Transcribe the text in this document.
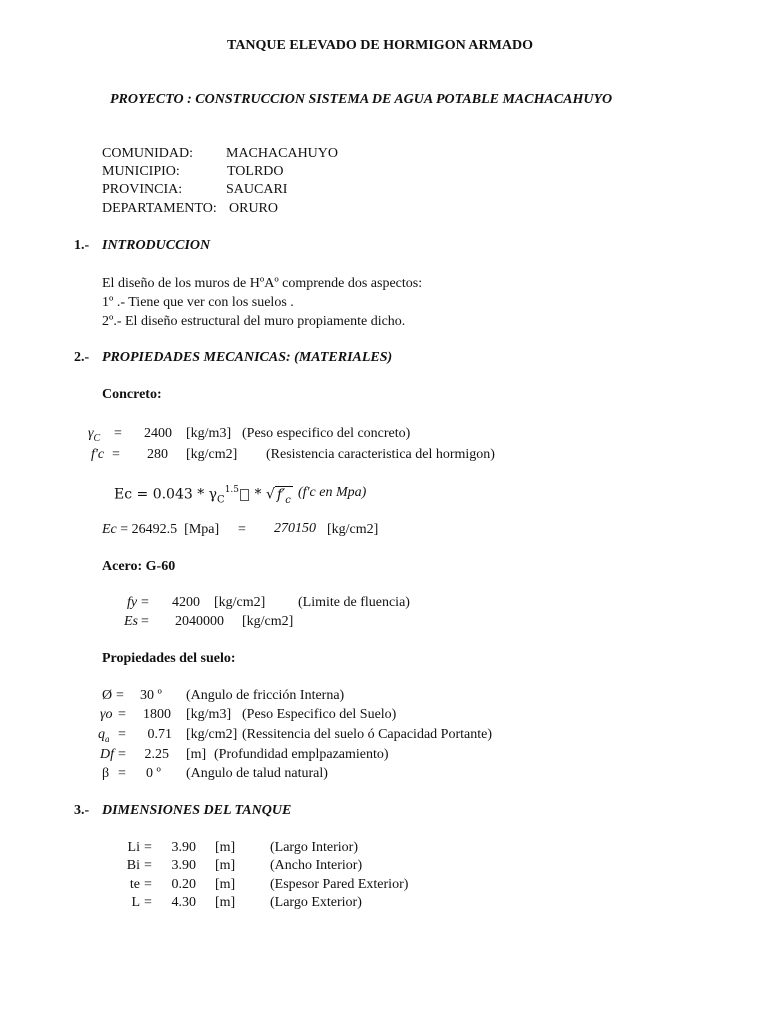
TANQUE ELEVADO DE HORMIGON ARMADO
PROYECTO : CONSTRUCCION SISTEMA DE AGUA POTABLE MACHACAHUYO
COMUNIDAD: MACHACAHUYO
MUNICIPIO:	TOLRDO
PROVINCIA:	SAUCARI
DEPARTAMENTO: ORURO
1.- INTRODUCCION
El diseño de los muros de HºAº comprende dos aspectos:
1º .- Tiene que ver con los suelos .
2º.- El diseño estructural del muro propiamente dicho.
2.- PROPIEDADES MECANICAS: (MATERIALES)
Concreto:
$\gamma_C$ =	2400 [kg/m3] (Peso especifico del concreto)
f'c =	280 [kg/cm2] (Resistencia caracteristica del hormigon)
$Ec = 0.043 * \gamma_C^{1.5}$ * √ $f'_c$ (f'c en Mpa)
Ec = 26492.5 [Mpa] = 270150 [kg/cm2]
Acero: G-60
fy =	4200 [kg/cm2] (Limite de fluencia)
Es =	2040000 [kg/cm2]
Propiedades del suelo:
Ø = 30 º (Angulo de fricción Interna)
γo =	1800 [kg/m3] (Peso Especifico del Suelo)
$q_a$ =	0.71 [kg/cm2] (Ressitencia del suelo ó Capacidad Portante)
Df =	2.25 [m] (Profundidad emplpazamiento)
β = 0 º (Angulo de talud natural)
3.- DIMENSIONES DEL TANQUE
Li =	3.90 [m] (Largo Interior)
Bi =	3.90 [m] (Ancho Interior)
te =	0.20 [m] (Espesor Pared Exterior)
L =	4.30 [m] (Largo Exterior)
